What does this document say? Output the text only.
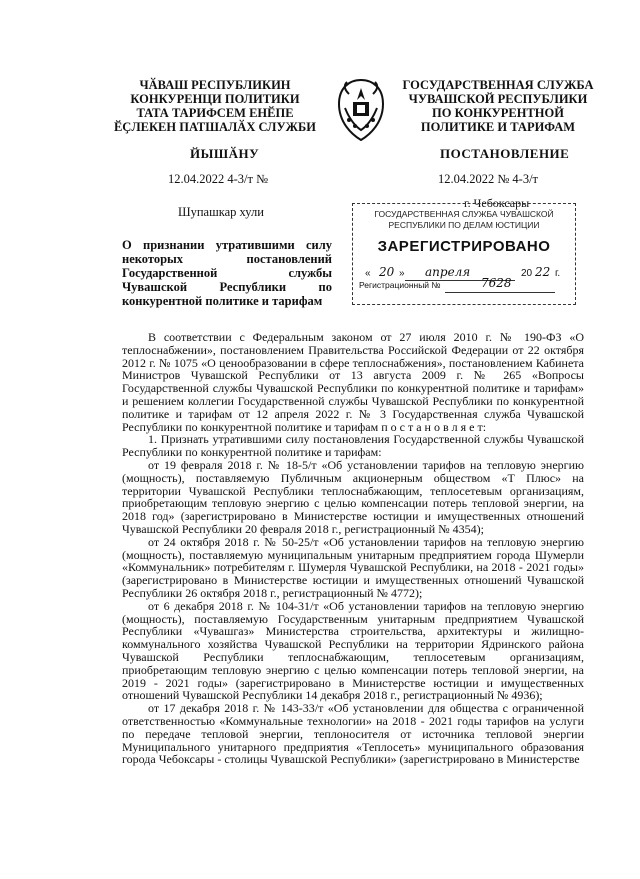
ЧӐВАШ РЕСПУБЛИКИН
КОНКУРЕНЦИ ПОЛИТИКИ
ТАТА ТАРИФСЕМ ЕНӖПЕ
ӖҪЛЕКЕН ПАТШАЛӐХ СЛУЖБИ
ГОСУДАРСТВЕННАЯ СЛУЖБА
ЧУВАШСКОЙ РЕСПУБЛИКИ
ПО КОНКУРЕНТНОЙ
ПОЛИТИКЕ И ТАРИФАМ
ЙЫШӐНУ	ПОСТАНОВЛЕНИЕ
12.04.2022 4-3/т №	12.04.2022 № 4-3/т
Шупашкар хули
г. Чебоксары
ГОСУДАРСТВЕННАЯ СЛУЖБА ЧУВАШСКОЙ
РЕСПУБЛИКИ ПО ДЕЛАМ ЮСТИЦИИ
ЗАРЕГИСТРИРОВАНО
« 20 » апреля	20 22 г.
Регистрационный №	7628
О признании утратившими силу некоторых постановлений Государственной службы Чувашской Республики по конкурентной политике и тарифам

В соответствии с Федеральным законом от 27 июля 2010 г. № 190-ФЗ «О теплоснабжении», постановлением Правительства Российской Федерации от 22 октября 2012 г. № 1075 «О ценообразовании в сфере теплоснабжения», постановлением Кабинета Министров Чувашской Республики от 13 августа 2009 г. № 265 «Вопросы Государственной службы Чувашской Республики по конкурентной политике и тарифам» и решением коллегии Государственной службы Чувашской Республики по конкурентной политике и тарифам от 12 апреля 2022 г. № 3 Государственная служба Чувашской Республики по конкурентной политике и тарифам п о с т а н о в л я е т:

1. Признать утратившими силу постановления Государственной службы Чувашской Республики по конкурентной политике и тарифам:

от 19 февраля 2018 г. № 18-5/т «Об установлении тарифов на тепловую энергию (мощность), поставляемую Публичным акционерным обществом «Т Плюс» на территории Чувашской Республики теплоснабжающим, теплосетевым организациям, приобретающим тепловую энергию с целью компенсации потерь тепловой энергии, на 2018 год» (зарегистрировано в Министерстве юстиции и имущественных отношений Чувашской Республики 20 февраля 2018 г., регистрационный № 4354);

от 24 октября 2018 г. № 50-25/т «Об установлении тарифов на тепловую энергию (мощность), поставляемую муниципальным унитарным предприятием города Шумерли «Коммунальник» потребителям г. Шумерля Чувашской Республики, на 2018 - 2021 годы» (зарегистрировано в Министерстве юстиции и имущественных отношений Чувашской Республики 26 октября 2018 г., регистрационный № 4772);

от 6 декабря 2018 г. № 104-31/т «Об установлении тарифов на тепловую энергию (мощность), поставляемую Государственным унитарным предприятием Чувашской Республики «Чувашгаз» Министерства строительства, архитектуры и жилищно-коммунального хозяйства Чувашской Республики на территории Ядринского района Чувашской Республики теплоснабжающим, теплосетевым организациям, приобретающим тепловую энергию с целью компенсации потерь тепловой энергии, на 2019 - 2021 годы» (зарегистрировано в Министерстве юстиции и имущественных отношений Чувашской Республики 14 декабря 2018 г., регистрационный № 4936);

от 17 декабря 2018 г. № 143-33/т «Об установлении для общества с ограниченной ответственностью «Коммунальные технологии» на 2018 - 2021 годы тарифов на услуги по передаче тепловой энергии, теплоносителя от источника тепловой энергии Муниципального унитарного предприятия «Теплосеть» муниципального образования города Чебоксары - столицы Чувашской Республики» (зарегистрировано в Министерстве
